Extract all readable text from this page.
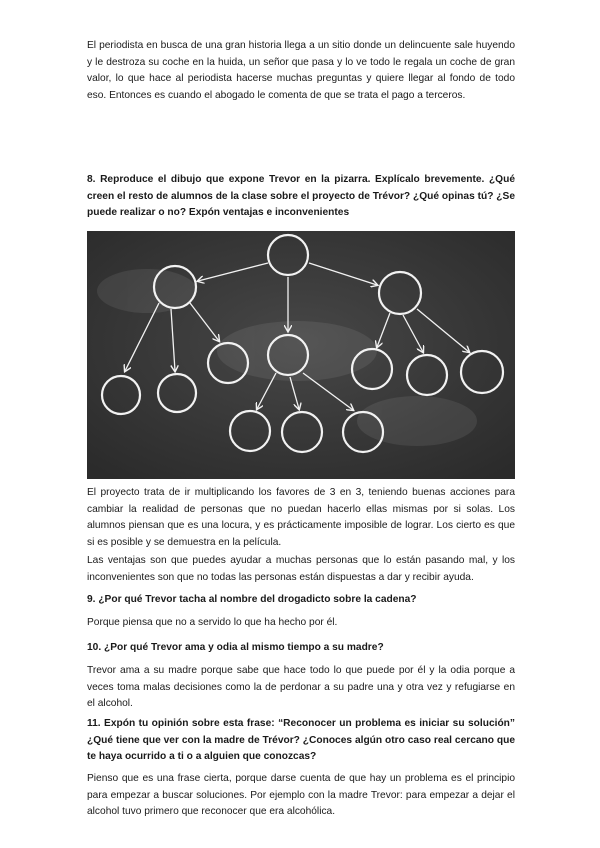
El periodista en busca de una gran historia llega a un sitio donde un delincuente sale huyendo y le destroza su coche en la huida, un señor que pasa y lo ve todo le regala un coche de gran valor, lo que hace al periodista hacerse muchas preguntas y quiere llegar al fondo de todo eso. Entonces es cuando el abogado le comenta de que se trata el pago a terceros.

8. Reproduce el dibujo que expone Trevor en la pizarra. Explícalo brevemente. ¿Qué creen el resto de alumnos de la clase sobre el proyecto de Trévor? ¿Qué opinas tú? ¿Se puede realizar o no? Expón ventajas e inconvenientes

El proyecto trata de ir multiplicando los favores de 3 en 3, teniendo buenas acciones para cambiar la realidad de personas que no puedan hacerlo ellas mismas por si solas. Los alumnos piensan que es una locura, y es prácticamente imposible de lograr. Los cierto es que si es posible y se demuestra en la película.

Las ventajas son que puedes ayudar a muchas personas que lo están pasando mal, y los inconvenientes son que no todas las personas están dispuestas a dar y recibir ayuda.

9. ¿Por qué Trevor tacha al nombre del drogadicto sobre la cadena?

Porque piensa que no a servido lo que ha hecho por él.

10. ¿Por qué Trevor ama y odia al mismo tiempo a su madre?

Trevor ama a su madre porque sabe que hace todo lo que puede por él y la odia porque a veces toma malas decisiones como la de perdonar a su padre una y otra vez y refugiarse en el alcohol.

11. Expón tu opinión sobre esta frase: “Reconocer un problema es iniciar su solución” ¿Qué tiene que ver con la madre de Trévor? ¿Conoces algún otro caso real cercano que te haya ocurrido a ti o a alguien que conozcas?

Pienso que es una frase cierta, porque darse cuenta de que hay un problema es el principio para empezar a buscar soluciones. Por ejemplo con la madre Trevor: para empezar a dejar el alcohol tuvo primero que reconocer que era alcohólica.
